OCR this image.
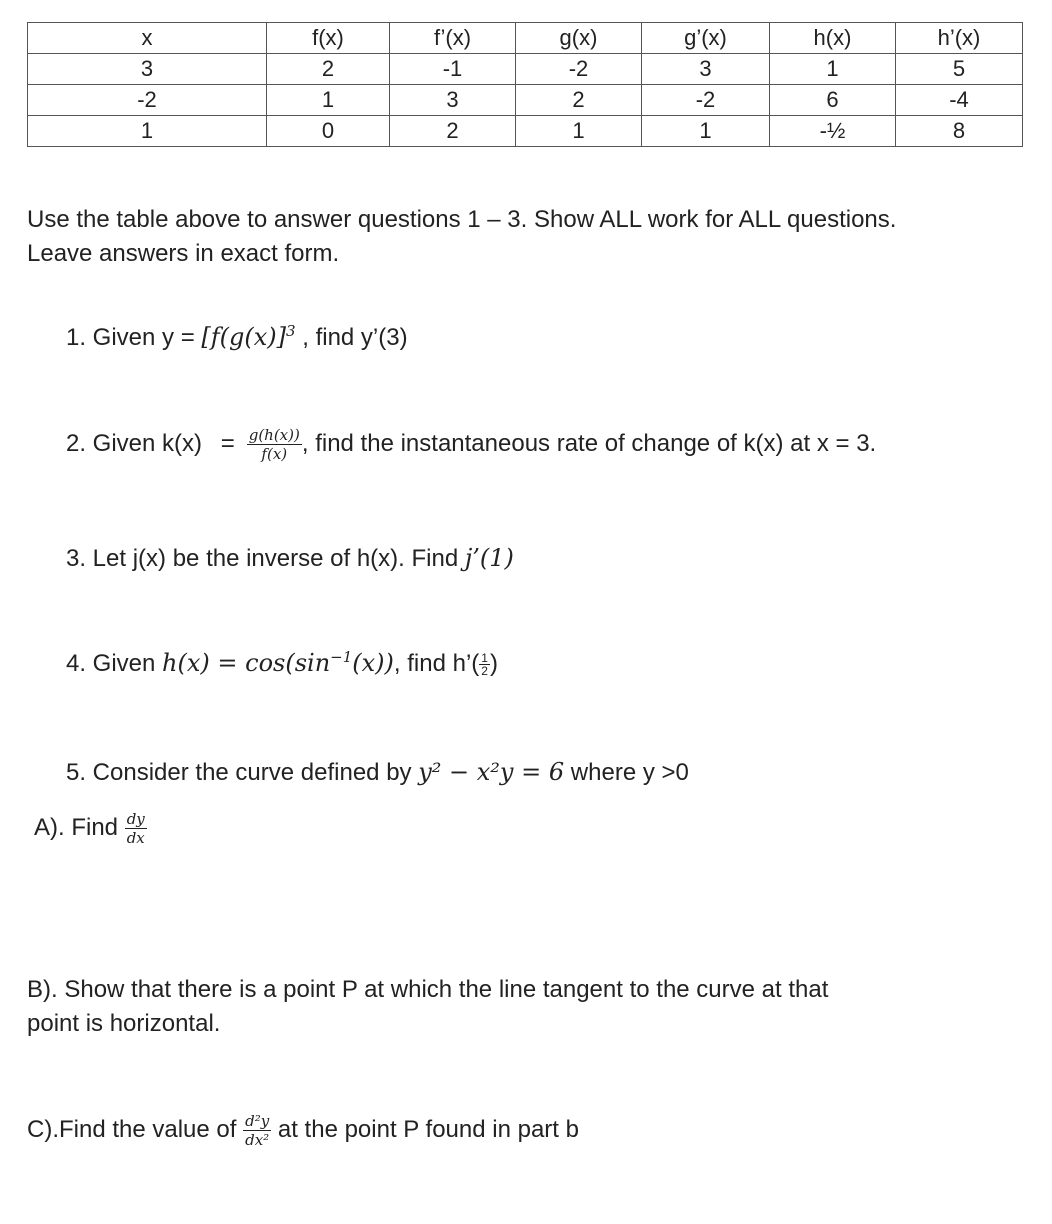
x	f(x)	f’(x)	g(x)	g’(x)	h(x)	h’(x)
3	2	-1	-2	3	1	5
-2	1	3	2	-2	6	-4
1	0	2	1	1	-½	8

Use the table above to answer questions 1 – 3. Show ALL work for ALL questions.

Leave answers in exact form.

1. Given $y = [f(g(x)]^3$ , find y’(3)
2. Given $k(x) = \frac{g(h(x))}{f(x)}$ , find the instantaneous rate of change of k(x) at x = 3.
3. Let j(x) be the inverse of h(x). Find j’(1)
4. Given $h(x) = \cos(\sin^{-1}(x))$, find h’( $\frac{1}{2}$ )
5. Consider the curve defined by y² − x²y = 6 where y >0
A). Find $\frac{dy}{dx}$

B). Show that there is a point P at which the line tangent to the curve at that

point is horizontal.

C).Find the value of $\frac{\text{d²y}}{\text{dx²}}$ at the point P found in part b
